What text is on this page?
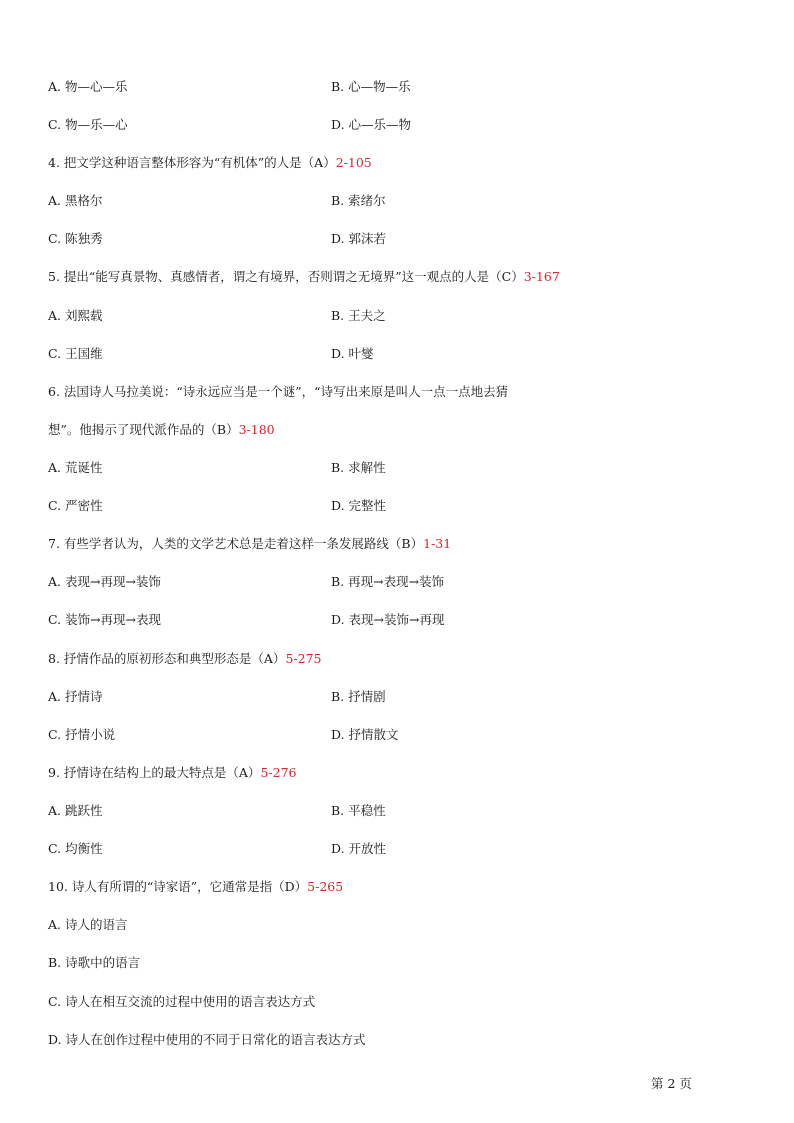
A. 物—心—乐	B. 心—物—乐
C. 物—乐—心	D. 心—乐—物
4. 把文学这种语言整体形容为“有机体”的人是（A）2-105
A. 黑格尔	B. 索绪尔
C. 陈独秀	D. 郭沫若
5. 提出“能写真景物、真感情者，谓之有境界，否则谓之无境界”这一观点的人是（C）3-167
A. 刘熙载	B. 王夫之
C. 王国维	D. 叶燮
6. 法国诗人马拉美说：“诗永远应当是一个谜”，“诗写出来原是叫人一点一点地去猜
想”。他揭示了现代派作品的（B）3-180
A. 荒诞性	B. 求解性
C. 严密性	D. 完整性
7. 有些学者认为，人类的文学艺术总是走着这样一条发展路线（B）1-31
A. 表现→再现→装饰	B. 再现→表现→装饰
C. 装饰→再现→表现	D. 表现→装饰→再现
8. 抒情作品的原初形态和典型形态是（A）5-275
A. 抒情诗	B. 抒情剧
C. 抒情小说	D. 抒情散文
9. 抒情诗在结构上的最大特点是（A）5-276
A. 跳跃性	B. 平稳性
C. 均衡性	D. 开放性
10. 诗人有所谓的“诗家语”，它通常是指（D）5-265
A. 诗人的语言
B. 诗歌中的语言
C. 诗人在相互交流的过程中使用的语言表达方式
D. 诗人在创作过程中使用的不同于日常化的语言表达方式
第 2 页
